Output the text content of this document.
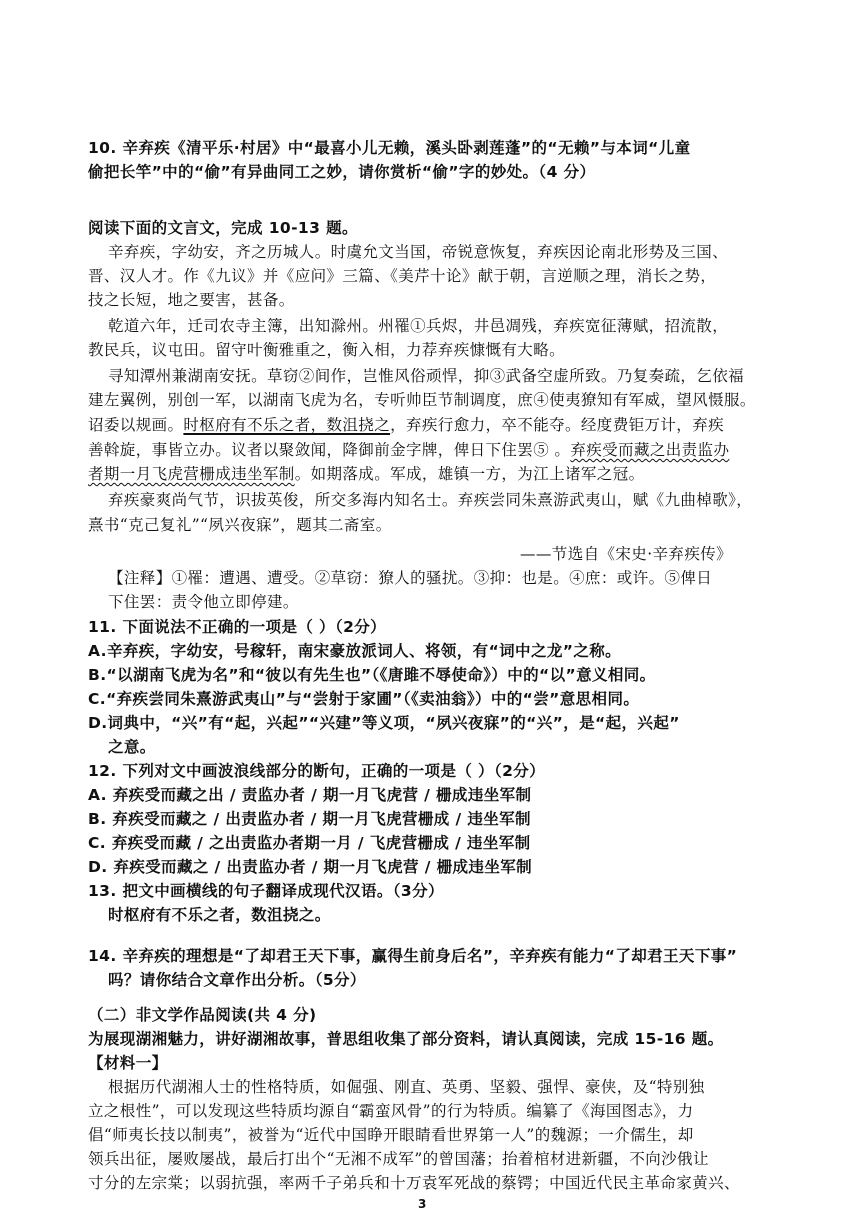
10. 辛弃疾《清平乐·村居》中“最喜小儿无赖，溪头卧剥莲蓬”的“无赖”与本词“儿童
偷把长竿”中的“偷”有异曲同工之妙，请你赏析“偷”字的妙处。（4 分）
阅读下面的文言文，完成 10-13 题。
辛弃疾，字幼安，齐之历城人。时虞允文当国，帝锐意恢复，弃疾因论南北形势及三国、
晋、汉人才。作《九议》并《应问》三篇、《美芹十论》献于朝，言逆顺之理，消长之势，
技之长短，地之要害，甚备。
乾道六年，迁司农寺主簿，出知滁州。州罹①兵烬，井邑凋残，弃疾宽征薄赋，招流散，
教民兵，议屯田。留守叶衡雅重之，衡入相，力荐弃疾慷慨有大略。
寻知潭州兼湖南安抚。草窃②间作，岂惟风俗顽悍，抑③武备空虚所致。乃复奏疏，乞依福
建左翼例，别创一军，以湖南飞虎为名，专听帅臣节制调度，庶④使夷獠知有军威，望风慑服。
诏委以规画。时枢府有不乐之者，数沮挠之，弃疾行愈力，卒不能夺。经度费钜万计，弃疾
善斡旋，事皆立办。议者以聚敛闻，降御前金字牌，俾日下住罢⑤ 。弃疾受而藏之出责监办
者期一月飞虎营栅成违坐军制。如期落成。军成，雄镇一方，为江上诸军之冠。
弃疾豪爽尚气节，识拔英俊，所交多海内知名士。弃疾尝同朱熹游武夷山，赋《九曲棹歌》，
熹书“克己复礼”“夙兴夜寐”，题其二斋室。
——节选自《宋史·辛弃疾传》
【注释】①罹：遭遇、遭受。②草窃：獠人的骚扰。③抑：也是。④庶：或许。⑤俾日
下住罢：责令他立即停建。
11. 下面说法不正确的一项是（ ）（2分）
A.辛弃疾，字幼安，号稼轩，南宋豪放派词人、将领，有“词中之龙”之称。
B.“以湖南飞虎为名”和“彼以有先生也”（《唐雎不辱使命》）中的“以”意义相同。
C.“弃疾尝同朱熹游武夷山”与“尝射于家圃”（《卖油翁》）中的“尝”意思相同。
D.词典中，“兴”有“起，兴起”“兴建”等义项，“夙兴夜寐”的“兴”，是“起，兴起”
之意。
12. 下列对文中画波浪线部分的断句，正确的一项是（ ）（2分）
A. 弃疾受而藏之出 / 责监办者 / 期一月飞虎营 / 栅成违坐军制
B. 弃疾受而藏之 / 出责监办者 / 期一月飞虎营栅成 / 违坐军制
C. 弃疾受而藏 / 之出责监办者期一月 / 飞虎营栅成 / 违坐军制
D. 弃疾受而藏之 / 出责监办者 / 期一月飞虎营 / 栅成违坐军制
13. 把文中画横线的句子翻译成现代汉语。（3分）
时枢府有不乐之者，数沮挠之。
14. 辛弃疾的理想是“了却君王天下事，赢得生前身后名”，辛弃疾有能力“了却君王天下事”
吗？请你结合文章作出分析。（5分）
（二）非文学作品阅读(共 4 分)
为展现湖湘魅力，讲好湖湘故事，普思组收集了部分资料，请认真阅读，完成 15-16 题。
【材料一】
根据历代湖湘人士的性格特质，如倔强、刚直、英勇、坚毅、强悍、豪侠，及“特别独
立之根性”，可以发现这些特质均源自“霸蛮风骨”的行为特质。编纂了《海国图志》，力
倡“师夷长技以制夷”，被誉为“近代中国睁开眼睛看世界第一人”的魏源；一介儒生，却
领兵出征，屡败屡战，最后打出个“无湘不成军”的曾国藩；抬着棺材进新疆，不向沙俄让
寸分的左宗棠；以弱抗强，率两千子弟兵和十万袁军死战的蔡锷；中国近代民主革命家黄兴、
3
